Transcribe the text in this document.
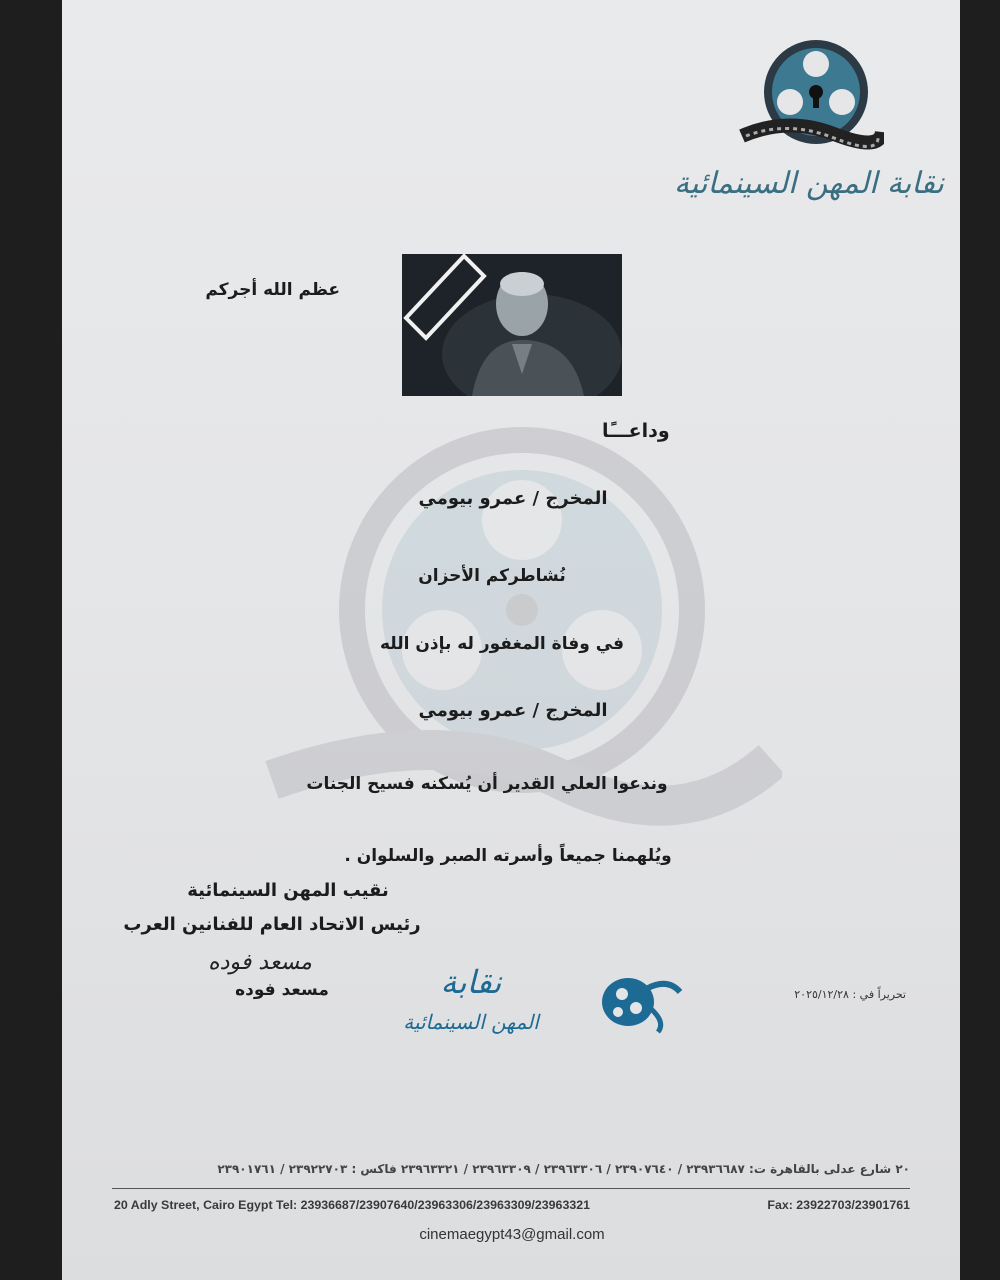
نقابة المهن السينمائية
عظم الله أجركم
وداعـــًا
المخرج / عمرو بيومي
نُشاطركم الأحزان
في وفاة المغفور له بإذن الله
المخرج / عمرو بيومي
وندعوا العلي القدير أن يُسكنه فسيح الجنات
ويُلهمنا جميعاً وأسرته الصبر والسلوان .
نقيب المهن السينمائية
رئيس الاتحاد العام للفنانين العرب
مسعد فوده
مسعد فوده	نقابة
المهن السينمائية
تحريراً في : ٢٠٢٥/١٢/٢٨
٢٠ شارع عدلى بالقاهرة ت: ٢٣٩٣٦٦٨٧ / ٢٣٩٠٧٦٤٠ / ٢٣٩٦٣٣٠٦ / ٢٣٩٦٣٣٠٩ / ٢٣٩٦٣٣٢١ فاكس : ٢٣٩٢٢٧٠٣ / ٢٣٩٠١٧٦١
20 Adly Street, Cairo Egypt Tel: 23936687/23907640/23963306/23963309/23963321	Fax: 23922703/23901761
cinemaegypt43@gmail.com
